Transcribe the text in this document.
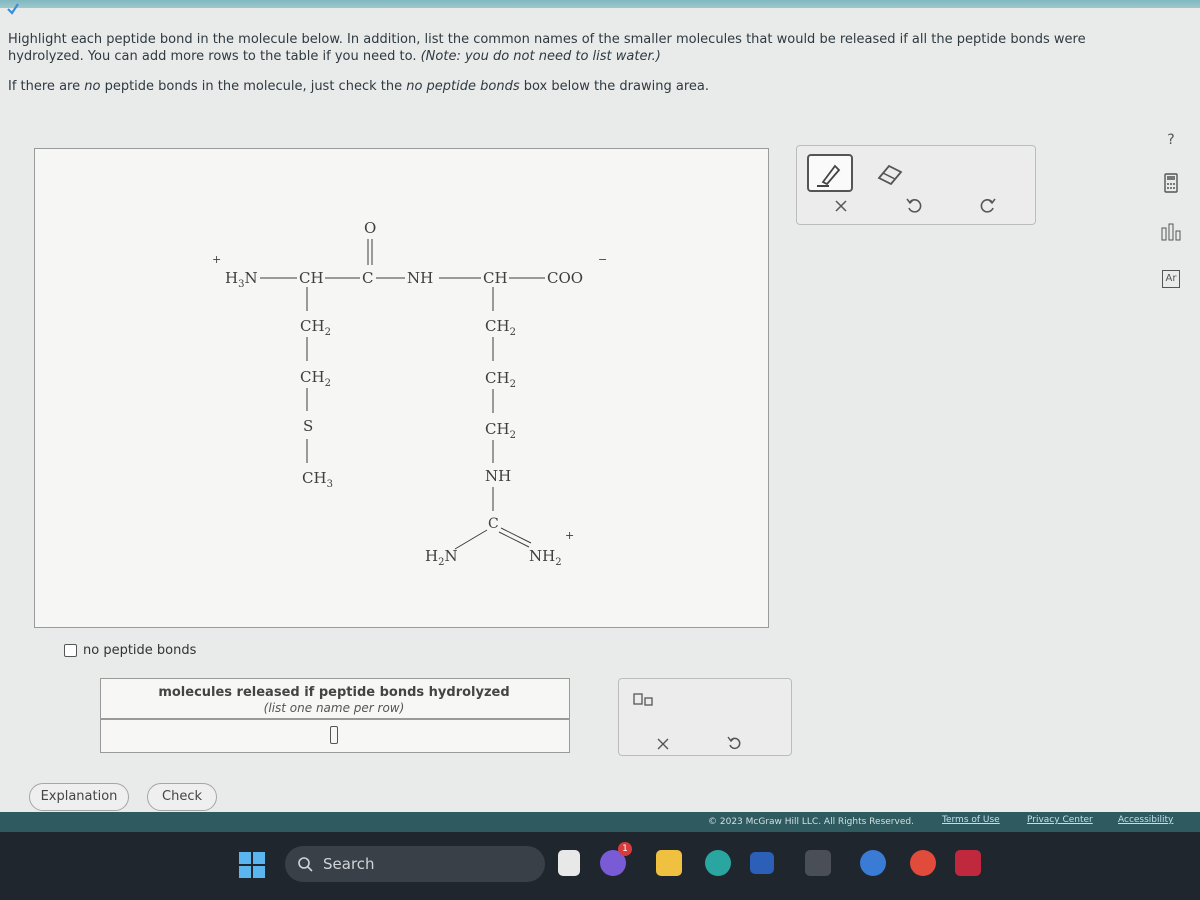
Highlight each peptide bond in the molecule below. In addition, list the common names of the smaller molecules that would be released if all the peptide bonds were hydrolyzed. You can add more rows to the table if you need to. (Note: you do not need to list water.)
If there are no peptide bonds in the molecule, just check the no peptide bonds box below the drawing area.
+
$H_3N$	CH	C
O
NH	CH	COO
−
$CH_2$
$CH_2$
S
$CH_3$
$CH_2$
$CH_2$
$CH_2$
NH
C
$H_2N$	$NH_2$
+
?
Ar
no peptide bonds
molecules released if peptide bonds hydrolyzed
(list one name per row)
Explanation	Check
© 2023 McGraw Hill LLC. All Rights Reserved.	Terms of Use	Privacy Center	Accessibility
Search
1
